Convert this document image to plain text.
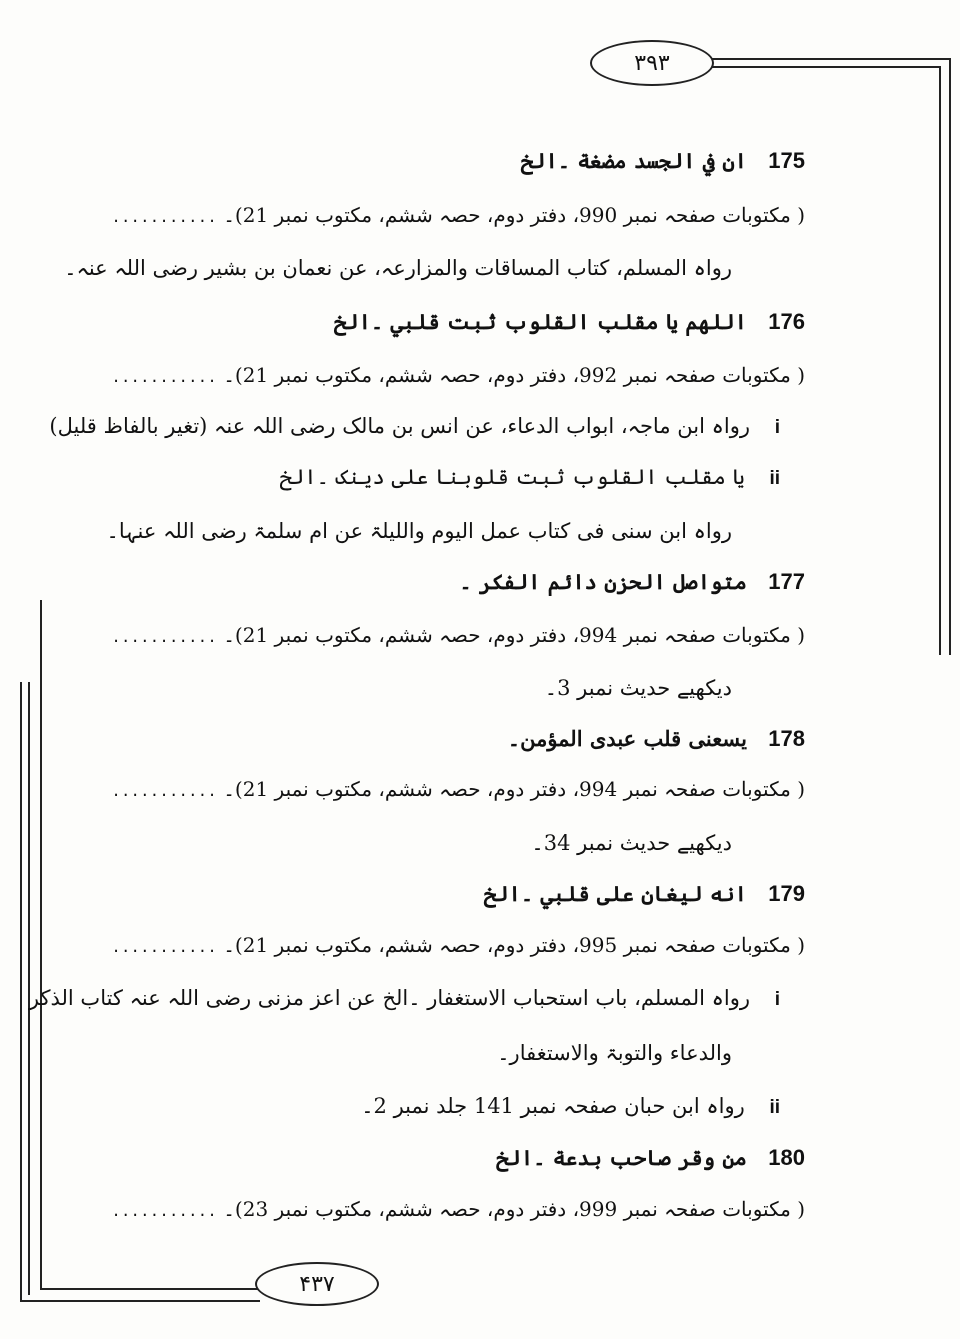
٣٩٣
۴٣٧
175 ان في الجسد مضغة ۔الخ
( مکتوبات صفحہ نمبر 990، دفتر دوم، حصہ ششم، مکتوب نمبر 21)۔ ...........
رواہ المسلم، کتاب المساقات والمزارعہ، عن نعمان بن بشیر رضی اللہ عنہ۔
176 اللهم یا مقلب القلوب ثبت قلبي ۔الخ
( مکتوبات صفحہ نمبر 992، دفتر دوم، حصہ ششم، مکتوب نمبر 21)۔ ...........
i رواہ ابن ماجہ، ابواب الدعاء، عن انس بن مالک رضی اللہ عنہ (تغیر بالفاظ قلیل)
ii یا مقلب القلوب ثبت قلوبنا علی دینک ۔الخ
رواہ ابن سنی فی کتاب عمل الیوم واللیلۃ عن ام سلمۃ رضی اللہ عنہا۔
177 متواصل الحزن دائم الفكر ۔
( مکتوبات صفحہ نمبر 994، دفتر دوم، حصہ ششم، مکتوب نمبر 21)۔ ...........
دیکھیے حدیث نمبر 3۔
178 یسعنی قلب عبدی المؤمن۔
( مکتوبات صفحہ نمبر 994، دفتر دوم، حصہ ششم، مکتوب نمبر 21)۔ ...........
دیکھیے حدیث نمبر 34۔
179 انه لیغان علی قلبي ۔الخ
( مکتوبات صفحہ نمبر 995، دفتر دوم، حصہ ششم، مکتوب نمبر 21)۔ ...........
i رواہ المسلم، باب استحباب الاستغفار ۔الخ عن اعز مزنی رضی اللہ عنہ کتاب الذکر
والدعاء والتوبۃ والاستغفار۔
ii رواہ ابن حبان صفحہ نمبر 141 جلد نمبر 2۔
180 من وقر صاحب بدعة ۔الخ
( مکتوبات صفحہ نمبر 999، دفتر دوم، حصہ ششم، مکتوب نمبر 23)۔ ...........
